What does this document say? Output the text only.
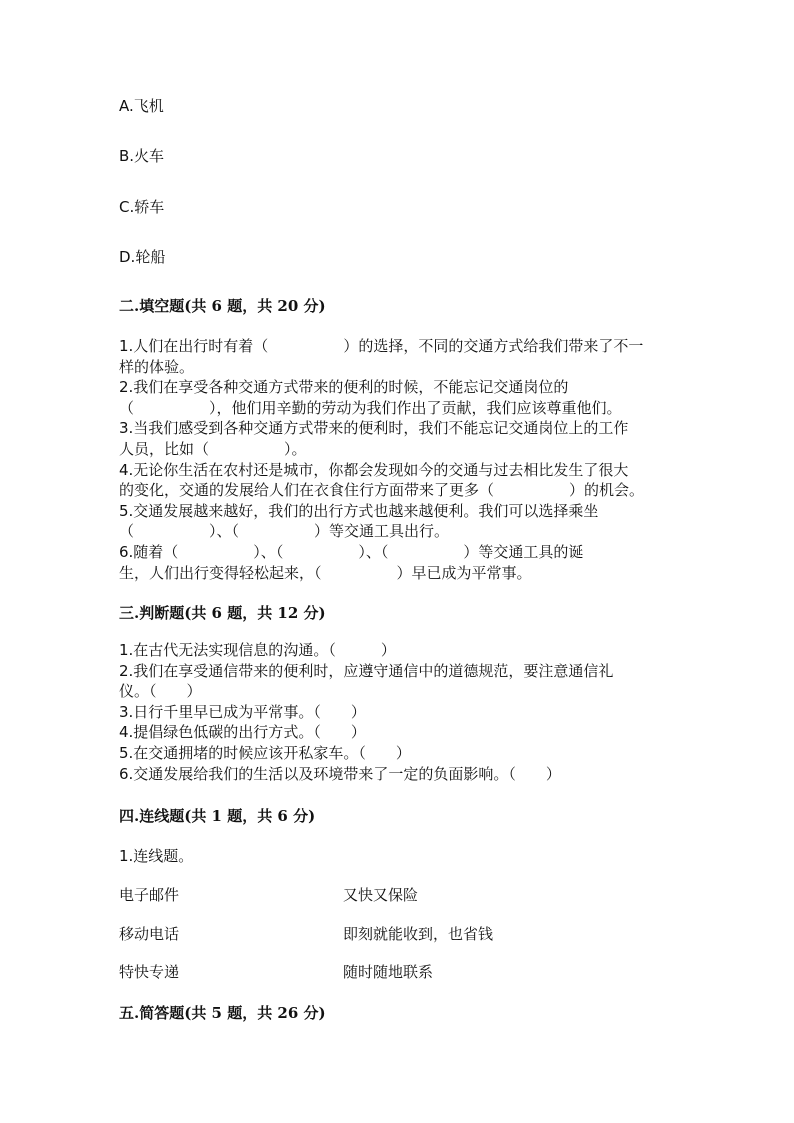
A.飞机
B.火车
C.轿车
D.轮船
二.填空题(共 6 题，共 20 分)

1.人们在出行时有着（　　　　　）的选择，不同的交通方式给我们带来了不一

样的体验。

2.我们在享受各种交通方式带来的便利的时候，不能忘记交通岗位的

（　　　　　），他们用辛勤的劳动为我们作出了贡献，我们应该尊重他们。

3.当我们感受到各种交通方式带来的便利时，我们不能忘记交通岗位上的工作

人员，比如（　　　　　）。

4.无论你生活在农村还是城市，你都会发现如今的交通与过去相比发生了很大

的变化，交通的发展给人们在衣食住行方面带来了更多（　　　　　）的机会。

5.交通发展越来越好，我们的出行方式也越来越便利。我们可以选择乘坐

（　　　　　）、（　　　　　）等交通工具出行。

6.随着（　　　　　）、（　　　　　）、（　　　　　）等交通工具的诞

生，人们出行变得轻松起来，（　　　　　）早已成为平常事。

三.判断题(共 6 题，共 12 分)

1.在古代无法实现信息的沟通。（　　　）

2.我们在享受通信带来的便利时，应遵守通信中的道德规范，要注意通信礼

仪。（　　）

3.日行千里早已成为平常事。（　　）

4.提倡绿色低碳的出行方式。（　　）

5.在交通拥堵的时候应该开私家车。（　　）

6.交通发展给我们的生活以及环境带来了一定的负面影响。（　　）

四.连线题(共 1 题，共 6 分)
1.连线题。
电子邮件	又快又保险
移动电话	即刻就能收到，也省钱
特快专递	随时随地联系
五.简答题(共 5 题，共 26 分)
